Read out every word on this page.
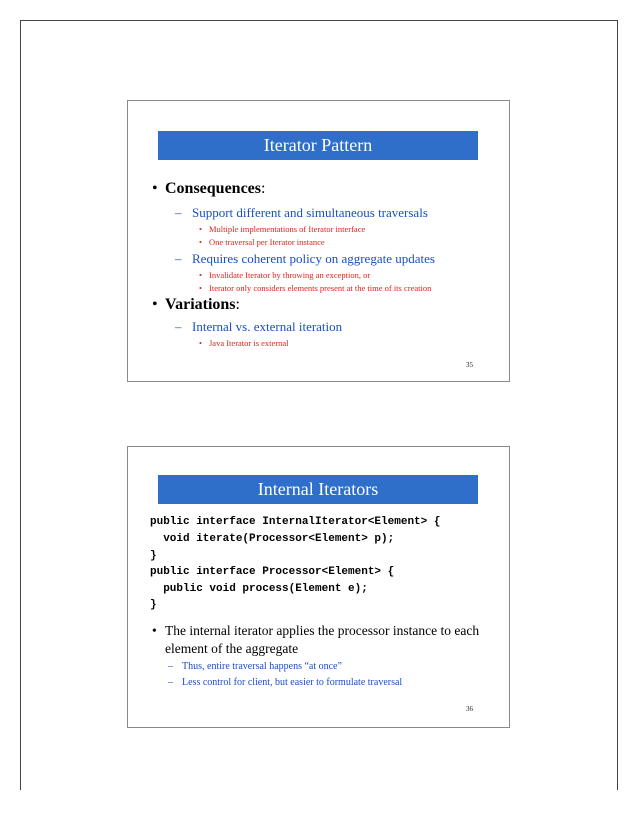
Iterator Pattern
• Consequences:
– Support different and simultaneous traversals
• Multiple implementations of Iterator interface
• One traversal per Iterator instance
– Requires coherent policy on aggregate updates
• Invalidate Iterator by throwing an exception, or
• Iterator only considers elements present at the time of its creation
• Variations:
– Internal vs. external iteration
• Java Iterator is external
35
Internal Iterators
public interface InternalIterator<Element> {
void iterate(Processor<Element> p);
}
public interface Processor<Element> {
public void process(Element e);
}
• The internal iterator applies the processor instance to each
element of the aggregate
– Thus, entire traversal happens “at once”
– Less control for client, but easier to formulate traversal
36
